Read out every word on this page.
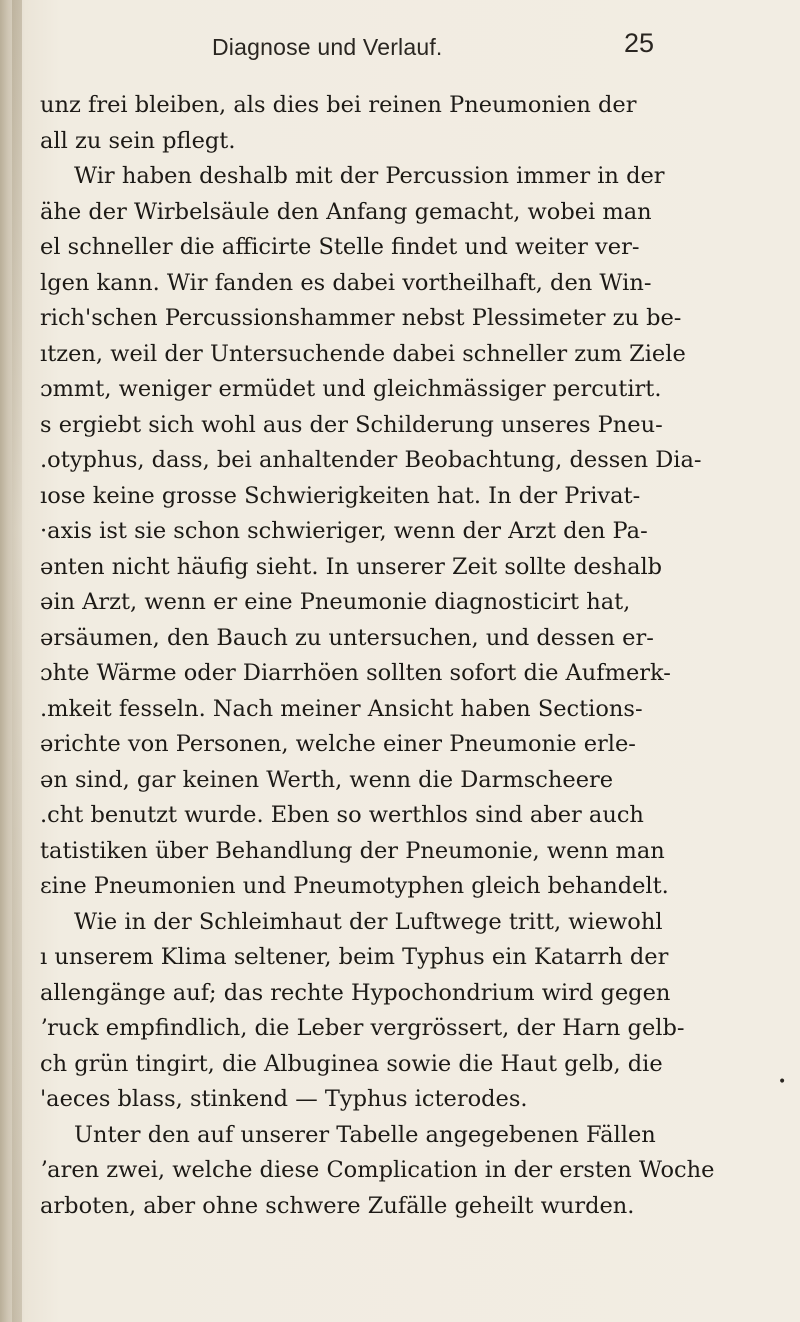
Diagnose und Verlauf.	25
unz frei bleiben, als dies bei reinen Pneumonien der
all zu sein pflegt.
Wir haben deshalb mit der Percussion immer in der
ähe der Wirbelsäule den Anfang gemacht, wobei man
el schneller die afficirte Stelle findet und weiter ver-
lgen kann. Wir fanden es dabei vortheilhaft, den Win-
rich'schen Percussionshammer nebst Plessimeter zu be-
ıtzen, weil der Untersuchende dabei schneller zum Ziele
ɔmmt, weniger ermüdet und gleichmässiger percutirt.
s ergiebt sich wohl aus der Schilderung unseres Pneu-
.otyphus, dass, bei anhaltender Beobachtung, dessen Dia-
ıose keine grosse Schwierigkeiten hat. In der Privat-
·axis ist sie schon schwieriger, wenn der Arzt den Pa-
ənten nicht häufig sieht. In unserer Zeit sollte deshalb
əin Arzt, wenn er eine Pneumonie diagnosticirt hat,
ərsäumen, den Bauch zu untersuchen, und dessen er-
ɔhte Wärme oder Diarrhöen sollten sofort die Aufmerk-
.mkeit fesseln. Nach meiner Ansicht haben Sections-
ərichte von Personen, welche einer Pneumonie erle-
ən sind, gar keinen Werth, wenn die Darmscheere
.cht benutzt wurde. Eben so werthlos sind aber auch
tatistiken über Behandlung der Pneumonie, wenn man
ɛine Pneumonien und Pneumotyphen gleich behandelt.
Wie in der Schleimhaut der Luftwege tritt, wiewohl
ı unserem Klima seltener, beim Typhus ein Katarrh der
allengänge auf; das rechte Hypochondrium wird gegen
ʼruck empfindlich, die Leber vergrössert, der Harn gelb-
ch grün tingirt, die Albuginea sowie die Haut gelb, die
'aeces blass, stinkend — Typhus icterodes.
Unter den auf unserer Tabelle angegebenen Fällen
ʼaren zwei, welche diese Complication in der ersten Woche
arboten, aber ohne schwere Zufälle geheilt wurden.
•
